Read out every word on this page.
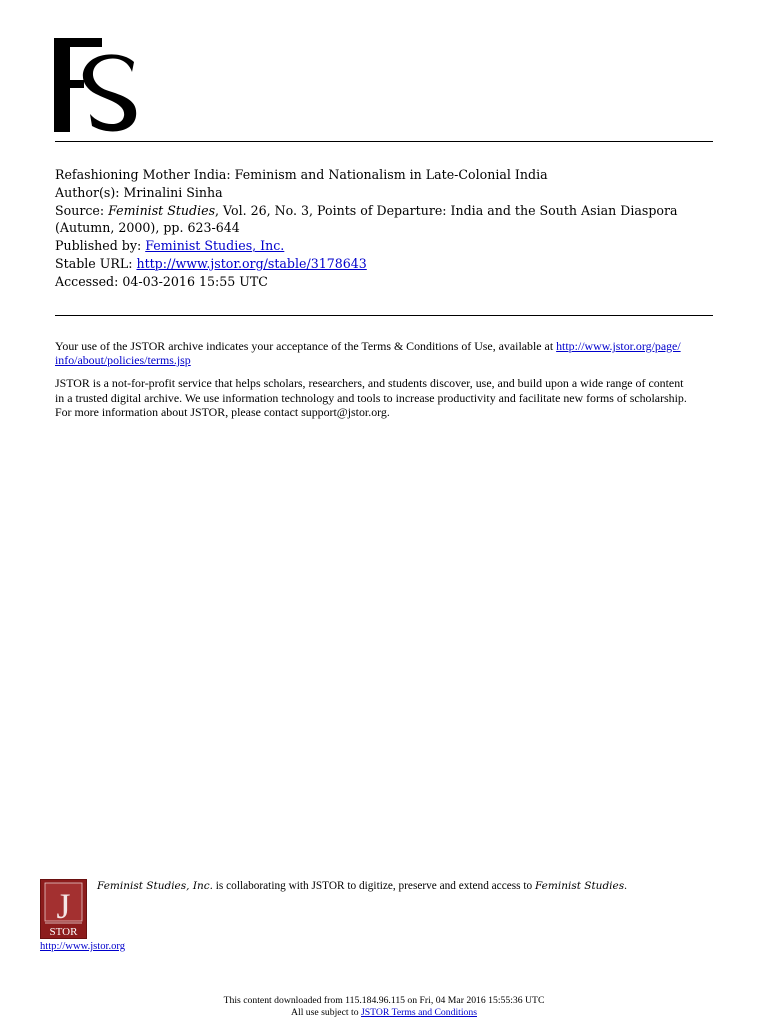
Refashioning Mother India: Feminism and Nationalism in Late-Colonial India
Author(s): Mrinalini Sinha
Source: Feminist Studies, Vol. 26, No. 3, Points of Departure: India and the South Asian Diaspora
(Autumn, 2000), pp. 623-644
Published by: Feminist Studies, Inc.
Stable URL: http://www.jstor.org/stable/3178643
Accessed: 04-03-2016 15:55 UTC

Your use of the JSTOR archive indicates your acceptance of the Terms & Conditions of Use, available at http://www.jstor.org/page/
info/about/policies/terms.jsp

JSTOR is a not-for-profit service that helps scholars, researchers, and students discover, use, and build upon a wide range of content
in a trusted digital archive. We use information technology and tools to increase productivity and facilitate new forms of scholarship.
For more information about JSTOR, please contact support@jstor.org.

J
STOR
Feminist Studies, Inc. is collaborating with JSTOR to digitize, preserve and extend access to Feminist Studies.
http://www.jstor.org
This content downloaded from 115.184.96.115 on Fri, 04 Mar 2016 15:55:36 UTC
All use subject to JSTOR Terms and Conditions
